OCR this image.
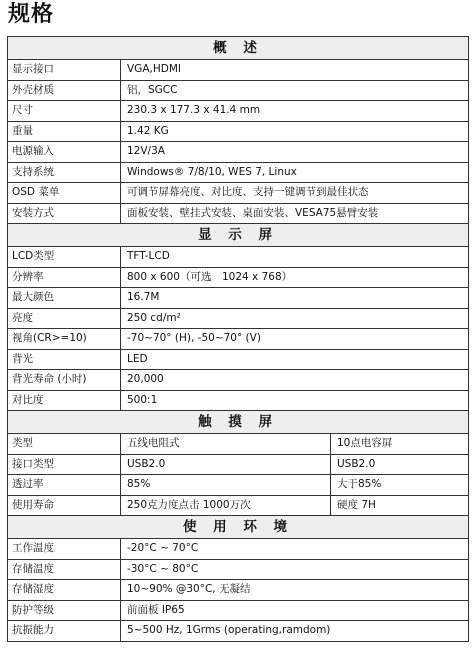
规格
概 述		
显示接口	VGA,HDMI	
外壳材质	铝，SGCC	
尺寸	230.3 x 177.3 x 41.4 mm	
重量	1.42 KG	
电源输入	12V/3A	
支持系统	Windows® 7/8/10, WES 7, Linux	
OSD 菜单	可调节屏幕亮度、对比度、支持一键调节到最佳状态	
安装方式	面板安装、壁挂式安装、桌面安装、VESA75悬臂安装	
显 示 屏		
LCD类型	TFT-LCD	
分辨率	800 x 600（可选　1024 x 768）	
最大颜色	16.7M	
亮度	250 cd/m²	
视角(CR>=10)	-70~70° (H), -50~70° (V)	
背光	LED	
背光寿命 (小时)	20,000	
对比度	500:1	
触 摸 屏		
类型	五线电阻式	10点电容屏
接口类型	USB2.0	USB2.0
透过率	85%	大于85%
使用寿命	250克力度点击 1000万次	硬度 7H
使 用 环 境		
工作温度	-20°C ~ 70°C	
存储温度	-30°C ~ 80°C	
存储湿度	10~90% @30°C, 无凝结	
防护等级	前面板 IP65	
抗振能力	5~500 Hz, 1Grms (operating,ramdom)	
